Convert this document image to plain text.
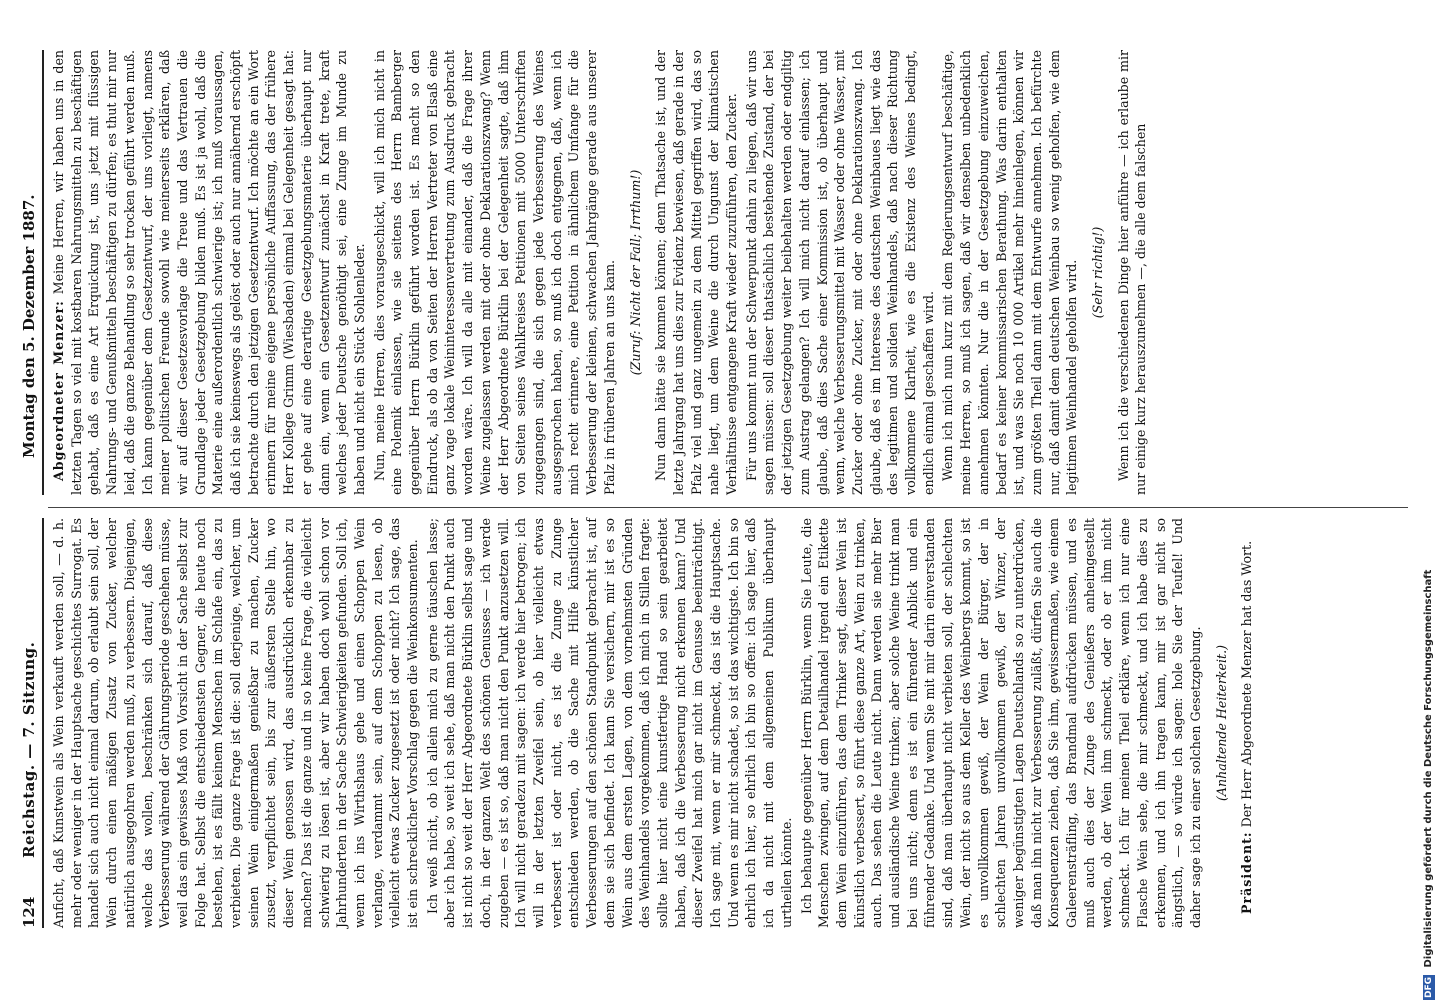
124
Reichstag. — 7. Sitzung.
Montag den 5. Dezember 1887.

Anficht, daß Kunstwein als Wein verkauft werden soll, — d. h. mehr oder weniger in der Hauptsache geschichtes Surrogat. Es handelt sich auch nicht einmal darum, ob erlaubt sein soll, der Wein durch einen mäßigen Zusatz von Zucker, welcher natürlich ausgegohren werden muß, zu verbessern. Diejenigen, welche das wollen, beschränken sich darauf, daß diese Verbesserung während der Gährungsperiode geschehen müsse, weil das ein gewisses Maß von Vorsicht in der Sache selbst zur Folge hat. Selbst die entschiedensten Gegner, die heute noch bestehen, ist es fällt keinem Menschen im Schlafe ein, das zu verbieten. Die ganze Frage ist die: soll derjenige, welcher, um seinen Wein einigermaßen genießbar zu machen, Zucker zusetzt, verpflichtet sein, bis zur äußersten Stelle hin, wo dieser Wein genossen wird, das ausdrücklich erkennbar zu machen? Das ist die ganze und in so keine Frage, die vielleicht schwierig zu lösen ist, aber wir haben doch wohl schon vor Jahrhunderten in der Sache Schwierigkeiten gefunden. Soll ich, wenn ich ins Wirthshaus gehe und einen Schoppen Wein verlange, verdammt sein, auf dem Schoppen zu lesen, ob vielleicht etwas Zucker zugesetzt ist oder nicht? Ich sage, das ist ein schrecklicher Vorschlag gegen die Weinkonsumenten. Ich weiß nicht, ob ich allein mich zu gerne täuschen lasse; aber ich habe, so weit ich sehe, daß man nicht den Punkt auch ist nicht so weit der Herr Abgeordnete Bürklin selbst sage und doch, in der ganzen Welt des schönen Genusses — ich werde zugeben — es ist so, daß man nicht den Punkt anzusetzen will. Ich will nicht geradezu mit sagen: ich werde hier betrogen; ich will in der letzten Zweifel sein, ob hier vielleicht etwas verbessert ist oder nicht, es ist die Zunge zu Zunge entschieden werden, ob die Sache mit Hilfe künstlicher Verbesserungen auf den schönen Standpunkt gebracht ist, auf dem sie sich befindet. Ich kann Sie versichern, mir ist es so Wein aus dem ersten Lagen, von dem vornehmsten Gründen des Weinhandels vorgekommen, daß ich mich in Stillen fragte: sollte hier nicht eine kunstfertige Hand so sein gearbeitet haben, daß ich die Verbesserung nicht erkennen kann? Und dieser Zweifel hat mich gar nicht im Genusse beeinträchtigt. Ich sage mit, wenn er mir schmeckt, das ist die Hauptsache. Und wenn es mir nicht schadet, so ist das wichtigste. Ich bin so ehrlich ich hier, so ehrlich ich bin so offen: ich sage hier, daß ich da nicht mit dem allgemeinen Publikum überhaupt urtheilen könnte. Ich behaupte gegenüber Herrn Bürklin, wenn Sie Leute, die Menschen zwingen, auf dem Detailhandel irgend ein Etikette dem Wein einzuführen, das dem Trinker sagt, dieser Wein ist künstlich verbessert, so führt diese ganze Art, Wein zu trinken, auch. Das sehen die Leute nicht. Dann werden sie mehr Bier und ausländische Weine trinken; aber solche Weine trinkt man bei uns nicht; denn es ist ein führender Anblick und ein führender Gedanke. Und wenn Sie mit mir darin einverstanden sind, daß man überhaupt nicht verbieten soll, der schlechten Wein, der nicht so aus dem Keller des Weinbergs kommt, so ist es unvollkommen gewiß, der Wein der Bürger, der in schlechten Jahren unvollkommen gewiß, der Winzer, der weniger begünstigten Lagen Deutschlands so zu unterdrücken, daß man ihn nicht zur Verbesserung zuläßt, dürfen Sie auch die Konsequenzen ziehen, daß Sie ihm, gewissermaßen, wie einem Galeerensträfling, das Brandmal aufdrücken müssen, und es muß auch dies der Zunge des Genießers anheimgestellt werden, ob der Wein ihm schmeckt, oder ob er ihm nicht schmeckt. Ich für meinen Theil erkläre, wenn ich nur eine Flasche Wein sehe, die mir schmeckt, und ich habe dies zu erkennen, und ich ihn tragen kann, mir ist gar nicht so ängstlich, — so würde ich sagen: hole Sie der Teufel! Und daher sage ich zu einer solchen Gesetzgebung. (Anhaltende Heiterkeit.)

Präsident: Der Herr Abgeordnete Menzer hat das Wort.

Abgeordneter Menzer: Meine Herren, wir haben uns in den letzten Tagen so viel mit kostbaren Nahrungsmitteln zu beschäftigen gehabt, daß es eine Art Erquickung ist, uns jetzt mit flüssigen Nahrungs- und Genußmitteln beschäftigen zu dürfen; es thut mir nur leid, daß die ganze Behandlung so sehr trocken geführt werden muß. Ich kann gegenüber dem Gesetzentwurf, der uns vorliegt, namens meiner politischen Freunde sowohl wie meinerseits erklären, daß wir auf dieser Gesetzesvorlage die Treue und das Vertrauen die Grundlage jeder Gesetzgebung bilden muß. Es ist ja wohl, daß die Materie eine außerordentlich schwierige ist; ich muß voraussagen, daß ich sie keineswegs als gelöst oder auch nur annähernd erschöpft betrachte durch den jetzigen Gesetzentwurf. Ich möchte an ein Wort erinnern für meine eigene persönliche Auffassung, das der frühere Herr Kollege Grimm (Wiesbaden) einmal bei Gelegenheit gesagt hat: er gehe auf eine derartige Gesetzgebungsmaterie überhaupt nur dann ein, wenn ein Gesetzentwurf zunächst in Kraft trete, kraft welches jeder Deutsche genöthigt sei, eine Zunge im Munde zu haben und nicht ein Stück Sohlenleder. Nun, meine Herren, dies vorausgeschickt, will ich mich nicht in eine Polemik einlassen, wie sie seitens des Herrn Bamberger gegenüber Herrn Bürklin geführt worden ist. Es macht so den Eindruck, als ob da von Seiten der Herren Vertreter von Elsaß eine ganz vage lokale Weininteressenvertretung zum Ausdruck gebracht worden wäre. Ich will da alle mit einander, daß die Frage ihrer Weine zugelassen werden mit oder ohne Deklarationszwang? Wenn der Herr Abgeordnete Bürklin bei der Gelegenheit sagte, daß ihm von Seiten seines Wahlkreises Petitionen mit 5000 Unterschriften zugegangen sind, die sich gegen jede Verbesserung des Weines ausgesprochen haben, so muß ich doch entgegnen, daß, wenn ich mich recht erinnere, eine Petition in ähnlichem Umfange für die Verbesserung der kleinen, schwachen Jahrgänge gerade aus unserer Pfalz in früheren Jahren an uns kam. (Zuruf: Nicht der Fall; Irrthum!) Nun dann hätte sie kommen können; denn Thatsache ist, und der letzte Jahrgang hat uns dies zur Evidenz bewiesen, daß gerade in der Pfalz viel und ganz ungemein zu dem Mittel gegriffen wird, das so nahe liegt, um dem Weine die durch Ungunst der klimatischen Verhältnisse entgangene Kraft wieder zuzuführen, den Zucker. Für uns kommt nun der Schwerpunkt dahin zu liegen, daß wir uns sagen müssen: soll dieser thatsächlich bestehende Zustand, der bei der jetzigen Gesetzgebung weiter beibehalten werden oder endgiltig zum Austrag gelangen? Ich will mich nicht darauf einlassen; ich glaube, daß dies Sache einer Kommission ist, ob überhaupt und wenn, welche Verbesserungsmittel mit Wasser oder ohne Wasser, mit Zucker oder ohne Zucker, mit oder ohne Deklarationszwang. Ich glaube, daß es im Interesse des deutschen Weinbaues liegt wie das des legitimen und soliden Weinhandels, daß nach dieser Richtung vollkommene Klarheit, wie es die Existenz des Weines bedingt, endlich einmal geschaffen wird. Wenn ich mich nun kurz mit dem Regierungsentwurf beschäftige, meine Herren, so muß ich sagen, daß wir denselben unbedenklich annehmen könnten. Nur die in der Gesetzgebung einzuweichen, bedarf es keiner kommissarischen Berathung. Was darin enthalten ist, und was Sie noch 10 000 Artikel mehr hineinlegen, können wir zum größten Theil dann mit dem Entwurfe annehmen. Ich befürchte nur, daß damit dem deutschen Weinbau so wenig geholfen, wie dem legitimen Weinhandel geholfen wird. (Sehr richtig!) Wenn ich die verschiedenen Dinge hier anführe — ich erlaube mir nur einige kurz herauszunehmen —, die alle dem falschen

DFG Digitalisierung gefördert durch die Deutsche Forschungsgemeinschaft
